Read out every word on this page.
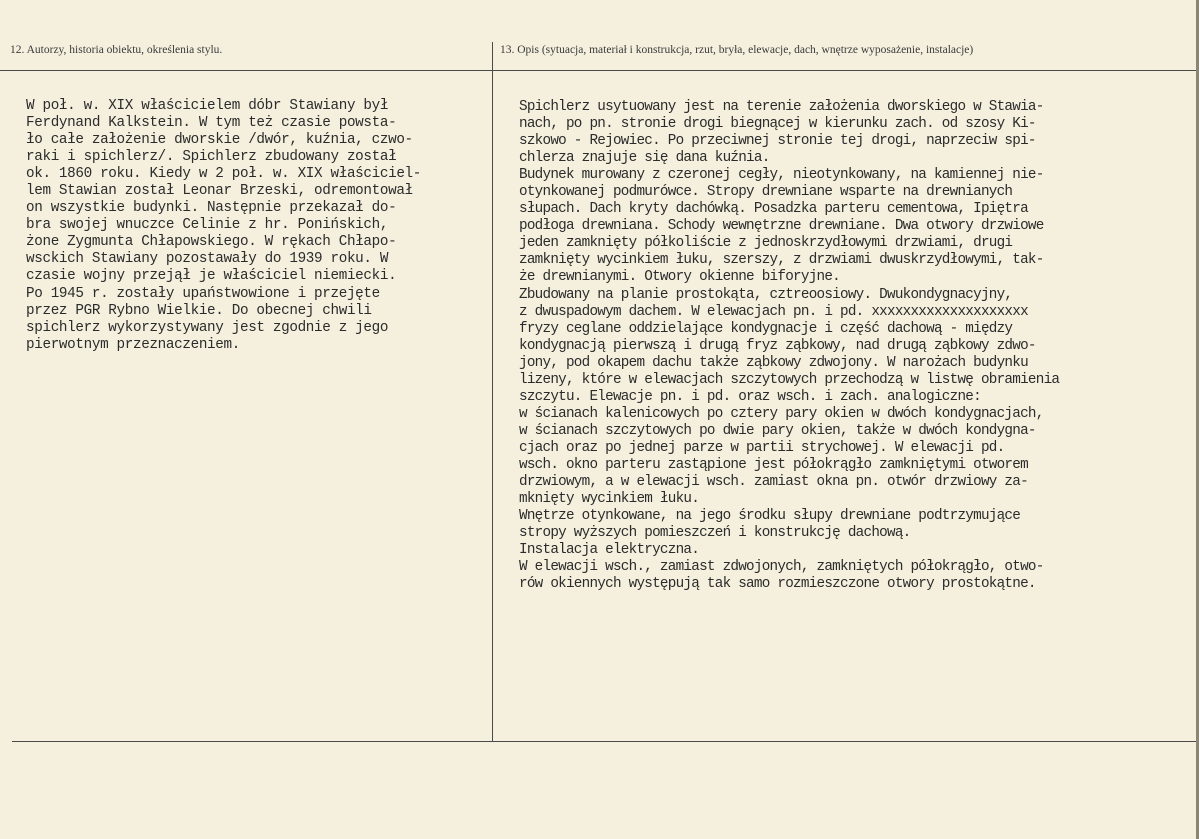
12. Autorzy, historia obiektu, określenia stylu.	13. Opis (sytuacja, materiał i konstrukcja, rzut, bryła, elewacje, dach, wnętrze wyposażenie, instalacje)
W poł. w. XIX właścicielem dóbr Stawiany był
Ferdynand Kalkstein. W tym też czasie powsta-
ło całe założenie dworskie /dwór, kuźnia, czwo-
raki i spichlerz/. Spichlerz zbudowany został
ok. 1860 roku. Kiedy w 2 poł. w. XIX właściciel-
lem Stawian został Leonar Brzeski, odremontował
on wszystkie budynki. Następnie przekazał do-
bra swojej wnuczce Celinie z hr. Ponińskich,
żone Zygmunta Chłapowskiego. W rękach Chłapo-
wsckich Stawiany pozostawały do 1939 roku. W
czasie wojny przejął je właściciel niemiecki.
Po 1945 r. zostały upaństwowione i przejęte
przez PGR Rybno Wielkie. Do obecnej chwili
spichlerz wykorzystywany jest zgodnie z jego
pierwotnym przeznaczeniem.
Spichlerz usytuowany jest na terenie założenia dworskiego w Stawia-
nach, po pn. stronie drogi biegnącej w kierunku zach. od szosy Ki-
szkowo - Rejowiec. Po przeciwnej stronie tej drogi, naprzeciw spi-
chlerza znajuje się dana kuźnia.
Budynek murowany z czeronej cegły, nieotynkowany, na kamiennej nie-
otynkowanej podmurówce. Stropy drewniane wsparte na drewnianych
słupach. Dach kryty dachówką. Posadzka parteru cementowa, Ipiętra
podłoga drewniana. Schody wewnętrzne drewniane. Dwa otwory drzwiowe
jeden zamknięty półkoliście z jednoskrzydłowymi drzwiami, drugi
zamknięty wycinkiem łuku, szerszy, z drzwiami dwuskrzydłowymi, tak-
że drewnianymi. Otwory okienne biforyjne.
Zbudowany na planie prostokąta, cztreoosiowy. Dwukondygnacyjny,
z dwuspadowym dachem. W elewacjach pn. i pd. xxxxxxxxxxxxxxxxxxxx
fryzy ceglane oddzielające kondygnacje i część dachową - między
kondygnacją pierwszą i drugą fryz ząbkowy, nad drugą ząbkowy zdwo-
jony, pod okapem dachu także ząbkowy zdwojony. W narożach budynku
lizeny, które w elewacjach szczytowych przechodzą w listwę obramienia
szczytu. Elewacje pn. i pd. oraz wsch. i zach. analogiczne:
w ścianach kalenicowych po cztery pary okien w dwóch kondygnacjach,
w ścianach szczytowych po dwie pary okien, także w dwóch kondygna-
cjach oraz po jednej parze w partii strychowej. W elewacji pd.
wsch. okno parteru zastąpione jest półokrągło zamkniętymi otworem
drzwiowym, a w elewacji wsch. zamiast okna pn. otwór drzwiowy za-
mknięty wycinkiem łuku.
Wnętrze otynkowane, na jego środku słupy drewniane podtrzymujące
stropy wyższych pomieszczeń i konstrukcję dachową.
Instalacja elektryczna.
W elewacji wsch., zamiast zdwojonych, zamkniętych półokrągło, otwo-
rów okiennych występują tak samo rozmieszczone otwory prostokątne.
